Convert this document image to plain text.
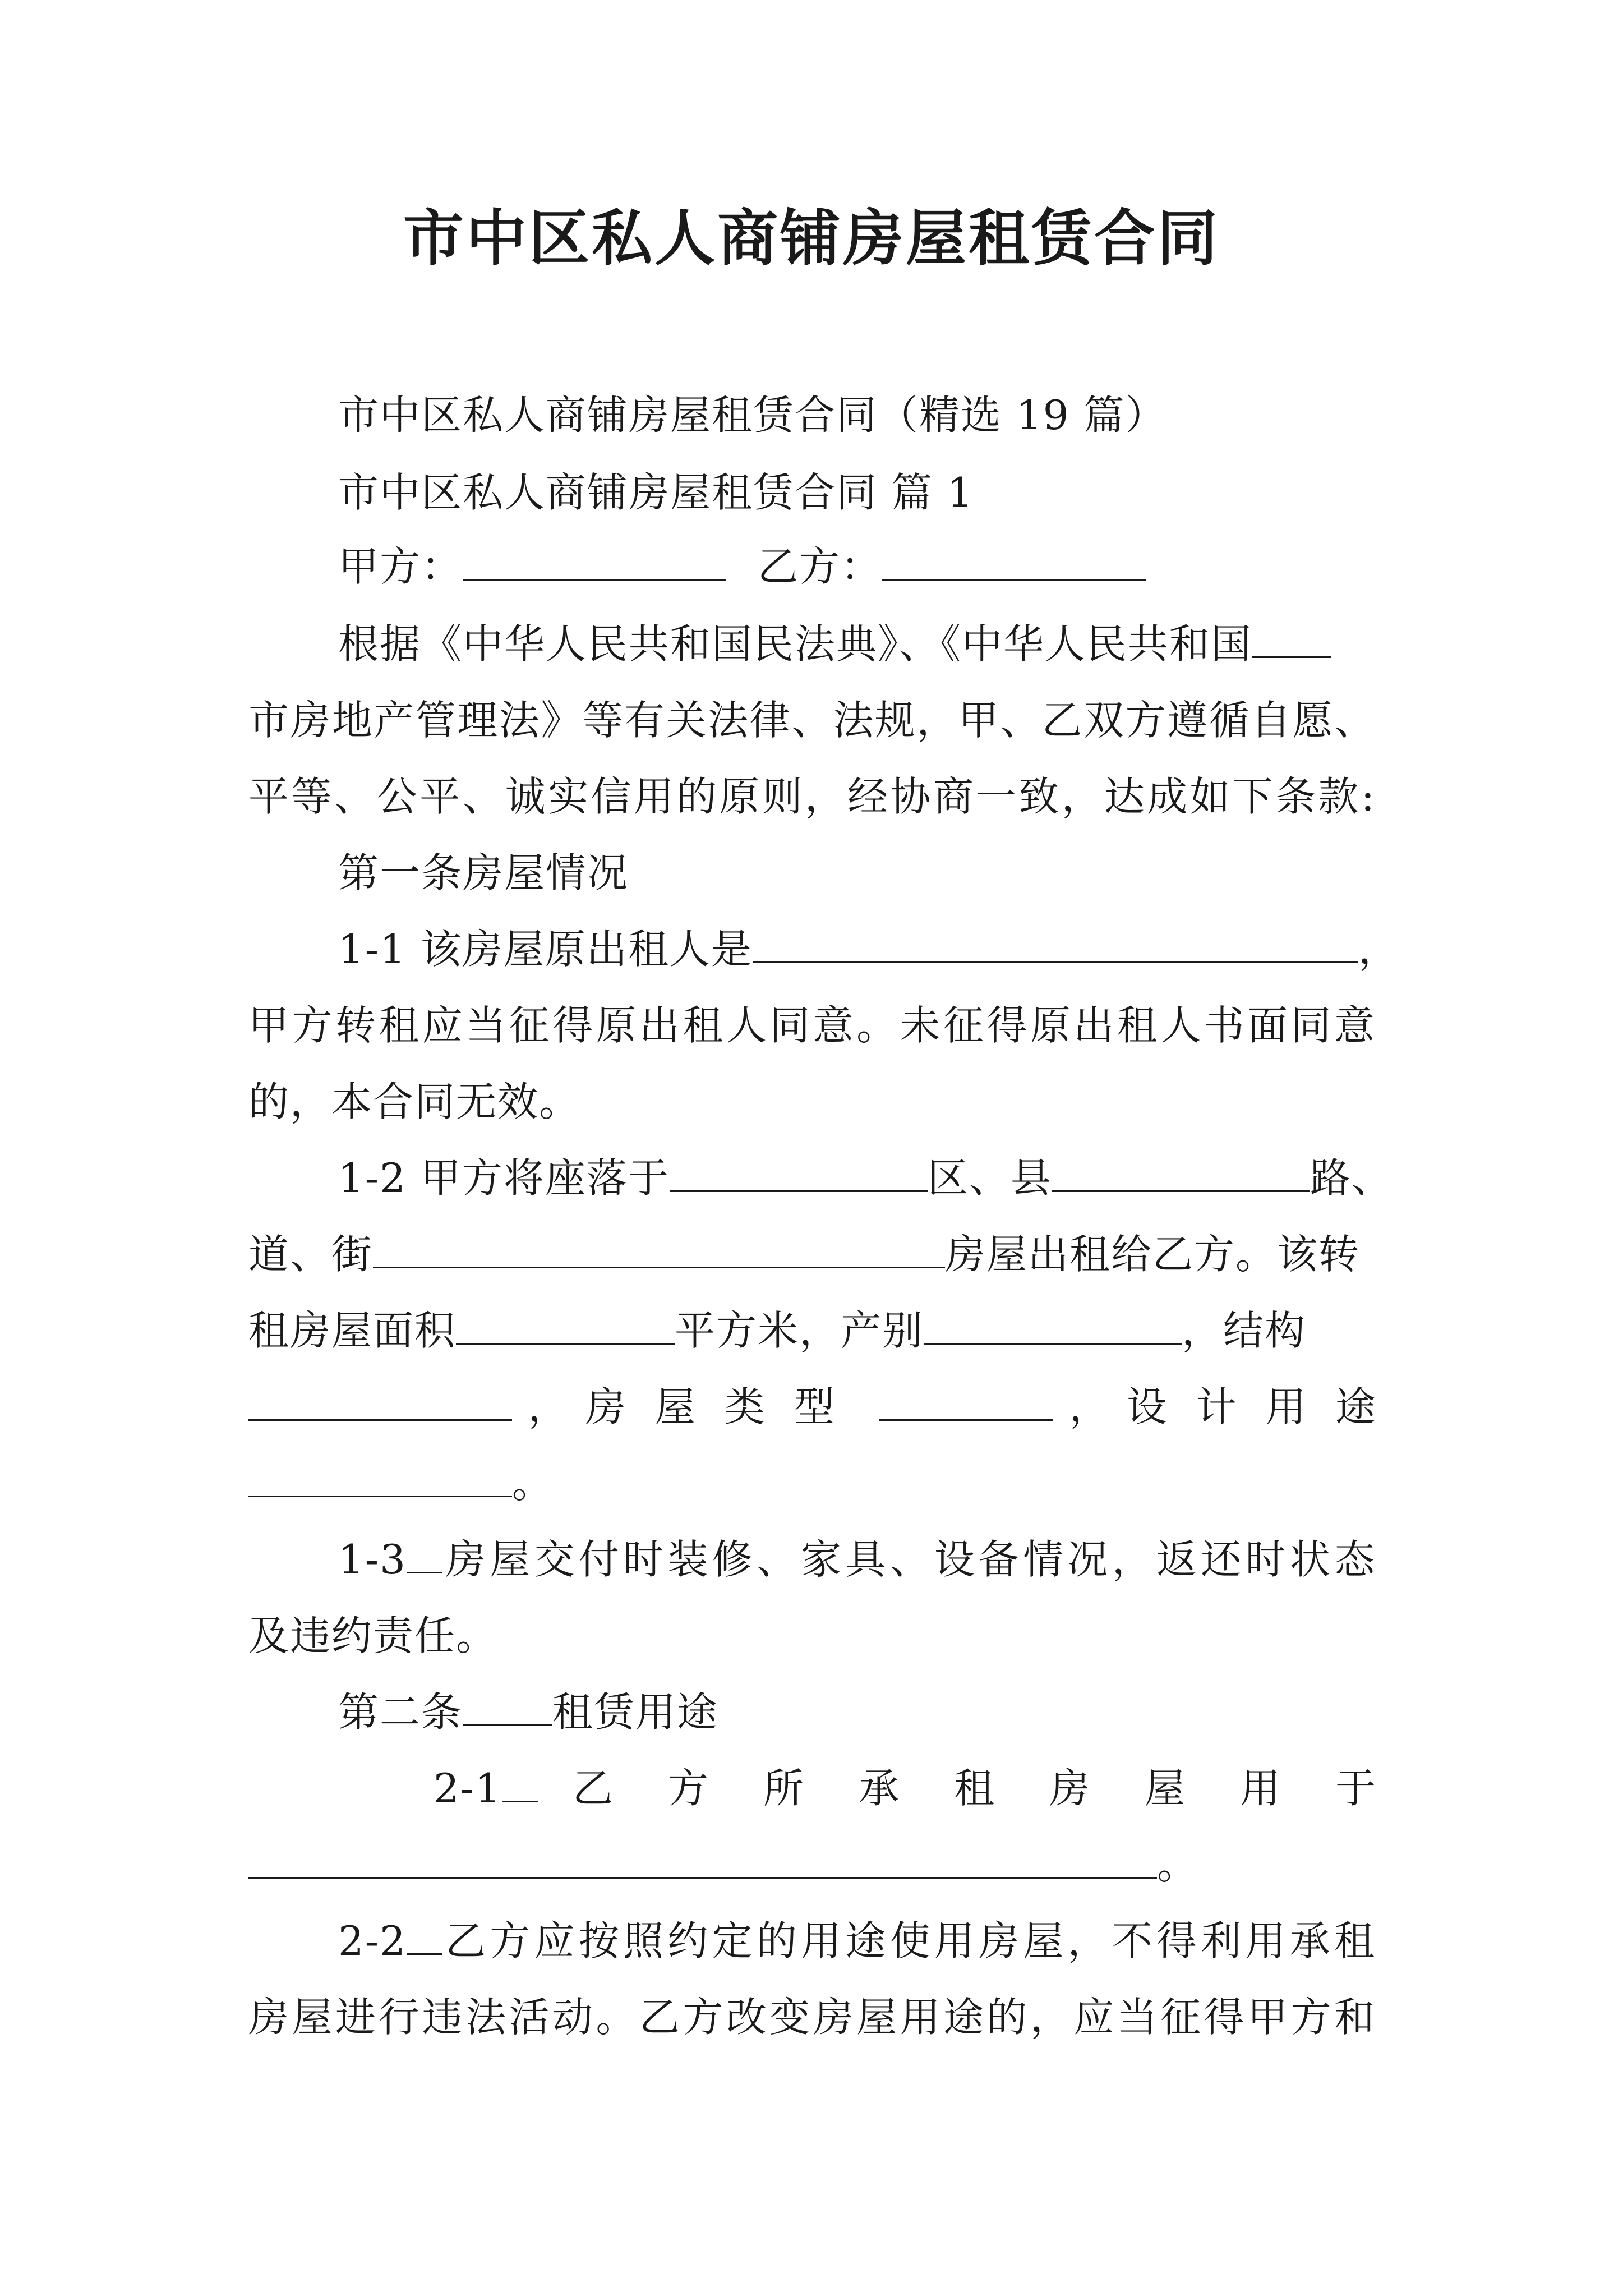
市中区私人商铺房屋租赁合同
市中区私人商铺房屋租赁合同（精选 19 篇）
市中区私人商铺房屋租赁合同 篇 1
甲方：	乙方：
根据《中华人民共和国民法典》、《中华人民共和国
市房地产管理法》等有关法律、法规，甲、乙双方遵循自愿、
平等、公平、诚实信用的原则，经协商一致，达成如下条款:
第一条房屋情况
1-1 该房屋原出租人是	，
甲方转租应当征得原出租人同意。未征得原出租人书面同意
的，本合同无效。
1-2 甲方将座落于	区、县	路、
道、街	房屋出租给乙方。该转
租房屋面积	平方米，产别	，结构
， 房屋类型	， 设计用途
。
1-3 房屋交付时装修、家具、设备情况，返还时状态
及违约责任。
第二条 租赁用途
2-1	乙方所承租房屋用于
。
2-2 乙方应按照约定的用途使用房屋，不得利用承租
房屋进行违法活动。乙方改变房屋用途的，应当征得甲方和
